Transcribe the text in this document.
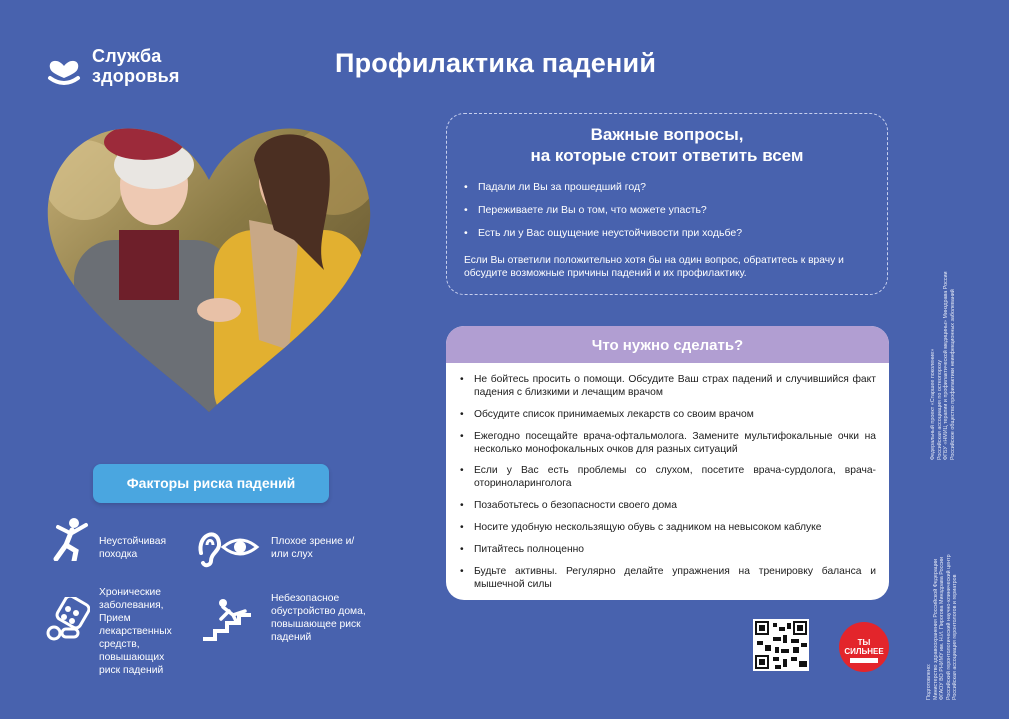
Служба
здоровья	Профилактика падений
Важные вопросы,
на которые стоит ответить всем
• Падали ли Вы за прошедший год?
• Переживаете ли Вы о том, что можете упасть?
• Есть ли у Вас ощущение неустойчивости при ходьбе?
Если Вы ответили положительно хотя бы на один вопрос, обратитесь к врачу и обсудите возможные причины падений и их профилактику.
Что нужно сделать?
• Не бойтесь просить о помощи. Обсудите Ваш страх падений и случившийся факт падения с близкими и лечащим врачом
• Обсудите список принимаемых лекарств со своим врачом
• Ежегодно посещайте врача-офтальмолога. Замените мультифокальные очки на несколько монофокальных очков для разных ситуаций
• Если у Вас есть проблемы со слухом, посетите врача-сурдолога, врача-оториноларинголога
• Позаботьтесь о безопасности своего дома
• Носите удобную нескользящую обувь с задником на невысоком каблуке
• Питайтесь полноценно
• Будьте активны. Регулярно делайте упражнения на тренировку баланса и мышечной силы
Факторы риска падений
Неустойчивая походка
Плохое зрение и/или слух
Хронические заболевания, Прием лекарственных средств, повышающих риск падений
Небезопасное обустройство дома, повышающее риск падений
Федеральный проект «Старшее поколение» Российская ассоциация по остеопорозу ФГБУ «НМИЦ терапии и профилактической медицины» Минздрава России Российское общество профилактики неинфекционных заболеваний
Подготовлено: Министерство здравоохранения Российской Федерации ФГАОУ ВО РНИМУ им. Н.И. Пирогова Минздрава России Российский геронтологический научно-клинический центр Российская ассоциация геронтологов и гериатров
ТЫ
СИЛЬНЕЕ
